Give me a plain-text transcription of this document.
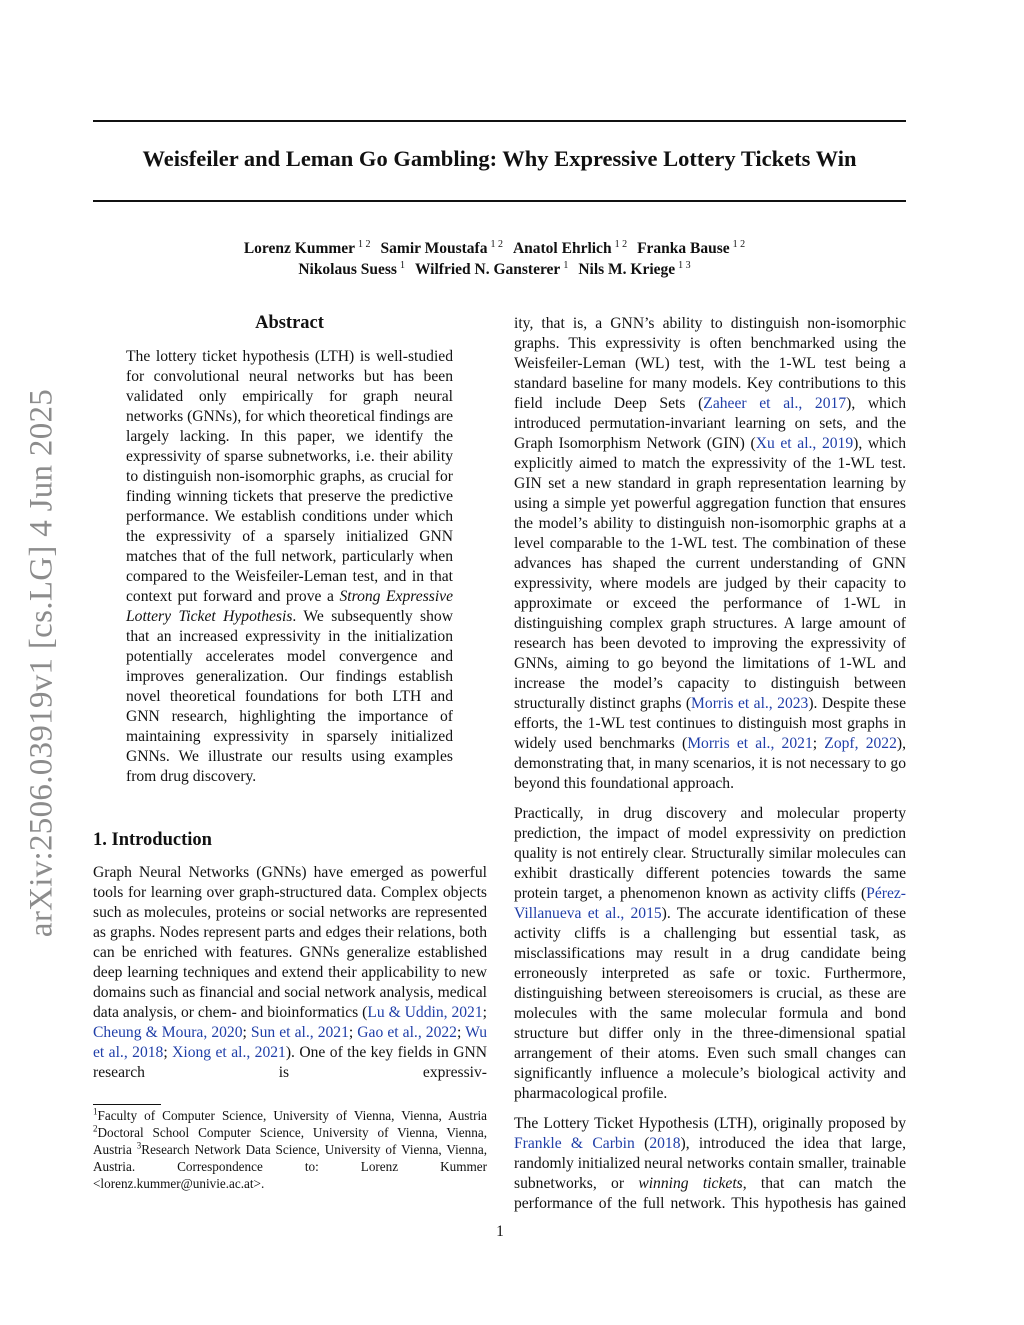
arXiv:2506.03919v1 [cs.LG] 4 Jun 2025
Weisfeiler and Leman Go Gambling: Why Expressive Lottery Tickets Win
Lorenz Kummer $^{1 2}$ Samir Moustafa $^{1 2}$ Anatol Ehrlich $^{1 2}$ Franka Bause $^{1 2}$
Nikolaus Suess $^1$ Wilfried N. Gansterer $^1$ Nils M. Kriege $^{1 3}$
Abstract
The lottery ticket hypothesis (LTH) is well-studied for convolutional neural networks but has been validated only empirically for graph neural networks (GNNs), for which theoretical findings are largely lacking. In this paper, we identify the expressivity of sparse subnetworks, i.e. their ability to distinguish non-isomorphic graphs, as crucial for finding winning tickets that preserve the predictive performance. We establish conditions under which the expressivity of a sparsely initialized GNN matches that of the full network, particularly when compared to the Weisfeiler-Leman test, and in that context put forward and prove a Strong Expressive Lottery Ticket Hypothesis. We subsequently show that an increased expressivity in the initialization potentially accelerates model convergence and improves generalization. Our findings establish novel theoretical foundations for both LTH and GNN research, highlighting the importance of maintaining expressivity in sparsely initialized GNNs. We illustrate our results using examples from drug discovery.
1. Introduction
Graph Neural Networks (GNNs) have emerged as powerful tools for learning over graph-structured data. Complex objects such as molecules, proteins or social networks are represented as graphs. Nodes represent parts and edges their relations, both can be enriched with features. GNNs generalize established deep learning techniques and extend their applicability to new domains such as financial and social network analysis, medical data analysis, or chem- and bioinformatics (Lu & Uddin, 2021; Cheung & Moura, 2020; Sun et al., 2021; Gao et al., 2022; Wu et al., 2018; Xiong et al., 2021). One of the key fields in GNN research is expressiv-
$^1$Faculty of Computer Science, University of Vienna, Vienna, Austria $^2$Doctoral School Computer Science, University of Vienna, Vienna, Austria $^3$Research Network Data Science, University of Vienna, Vienna, Austria. Correspondence to: Lorenz Kummer <lorenz.kummer@univie.ac.at>.
ity, that is, a GNN’s ability to distinguish non-isomorphic graphs. This expressivity is often benchmarked using the Weisfeiler-Leman (WL) test, with the 1-WL test being a standard baseline for many models. Key contributions to this field include Deep Sets (Zaheer et al., 2017), which introduced permutation-invariant learning on sets, and the Graph Isomorphism Network (GIN) (Xu et al., 2019), which explicitly aimed to match the expressivity of the 1-WL test. GIN set a new standard in graph representation learning by using a simple yet powerful aggregation function that ensures the model’s ability to distinguish non-isomorphic graphs at a level comparable to the 1-WL test. The combination of these advances has shaped the current understanding of GNN expressivity, where models are judged by their capacity to approximate or exceed the performance of 1-WL in distinguishing complex graph structures. A large amount of research has been devoted to improving the expressivity of GNNs, aiming to go beyond the limitations of 1-WL and increase the model’s capacity to distinguish between structurally distinct graphs (Morris et al., 2023). Despite these efforts, the 1-WL test continues to distinguish most graphs in widely used benchmarks (Morris et al., 2021; Zopf, 2022), demonstrating that, in many scenarios, it is not necessary to go beyond this foundational approach.
Practically, in drug discovery and molecular property prediction, the impact of model expressivity on prediction quality is not entirely clear. Structurally similar molecules can exhibit drastically different potencies towards the same protein target, a phenomenon known as activity cliffs (Pérez-Villanueva et al., 2015). The accurate identification of these activity cliffs is a challenging but essential task, as misclassifications may result in a drug candidate being erroneously interpreted as safe or toxic. Furthermore, distinguishing between stereoisomers is crucial, as these are molecules with the same molecular formula and bond structure but differ only in the three-dimensional spatial arrangement of their atoms. Even such small changes can significantly influence a molecule’s biological activity and pharmacological profile.
The Lottery Ticket Hypothesis (LTH), originally proposed by Frankle & Carbin (2018), introduced the idea that large, randomly initialized neural networks contain smaller, trainable subnetworks, or winning tickets, that can match the performance of the full network. This hypothesis has gained
1
